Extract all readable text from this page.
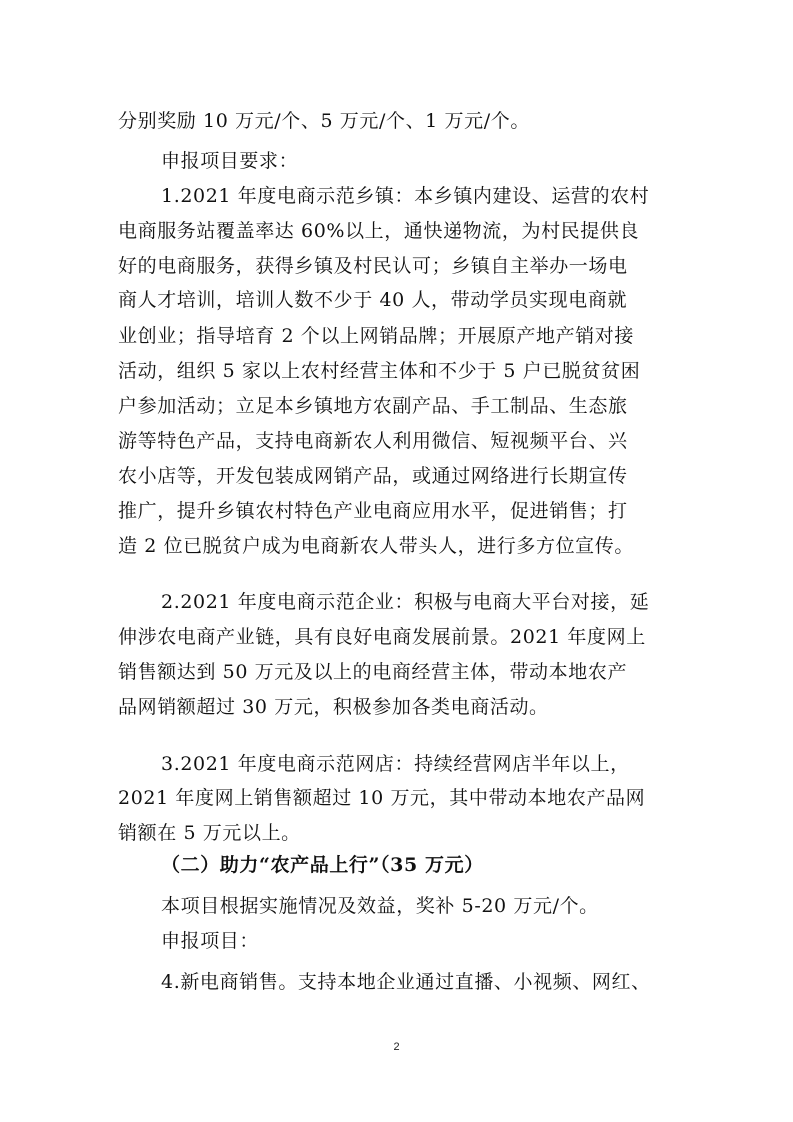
分别奖励 10 万元/个、5 万元/个、1 万元/个。
申报项目要求：
1.2021 年度电商示范乡镇：本乡镇内建设、运营的农村
电商服务站覆盖率达 60%以上，通快递物流，为村民提供良
好的电商服务，获得乡镇及村民认可；乡镇自主举办一场电
商人才培训，培训人数不少于 40 人，带动学员实现电商就
业创业；指导培育 2 个以上网销品牌；开展原产地产销对接
活动，组织 5 家以上农村经营主体和不少于 5 户已脱贫贫困
户参加活动；立足本乡镇地方农副产品、手工制品、生态旅
游等特色产品，支持电商新农人利用微信、短视频平台、兴
农小店等，开发包装成网销产品，或通过网络进行长期宣传
推广，提升乡镇农村特色产业电商应用水平，促进销售；打
造 2 位已脱贫户成为电商新农人带头人，进行多方位宣传。
2.2021 年度电商示范企业：积极与电商大平台对接，延
伸涉农电商产业链，具有良好电商发展前景。2021 年度网上
销售额达到 50 万元及以上的电商经营主体，带动本地农产
品网销额超过 30 万元，积极参加各类电商活动。
3.2021 年度电商示范网店：持续经营网店半年以上，
2021 年度网上销售额超过 10 万元，其中带动本地农产品网
销额在 5 万元以上。
（二）助力“农产品上行”（35 万元）
本项目根据实施情况及效益，奖补 5-20 万元/个。
申报项目：
4.新电商销售。支持本地企业通过直播、小视频、网红、
2
